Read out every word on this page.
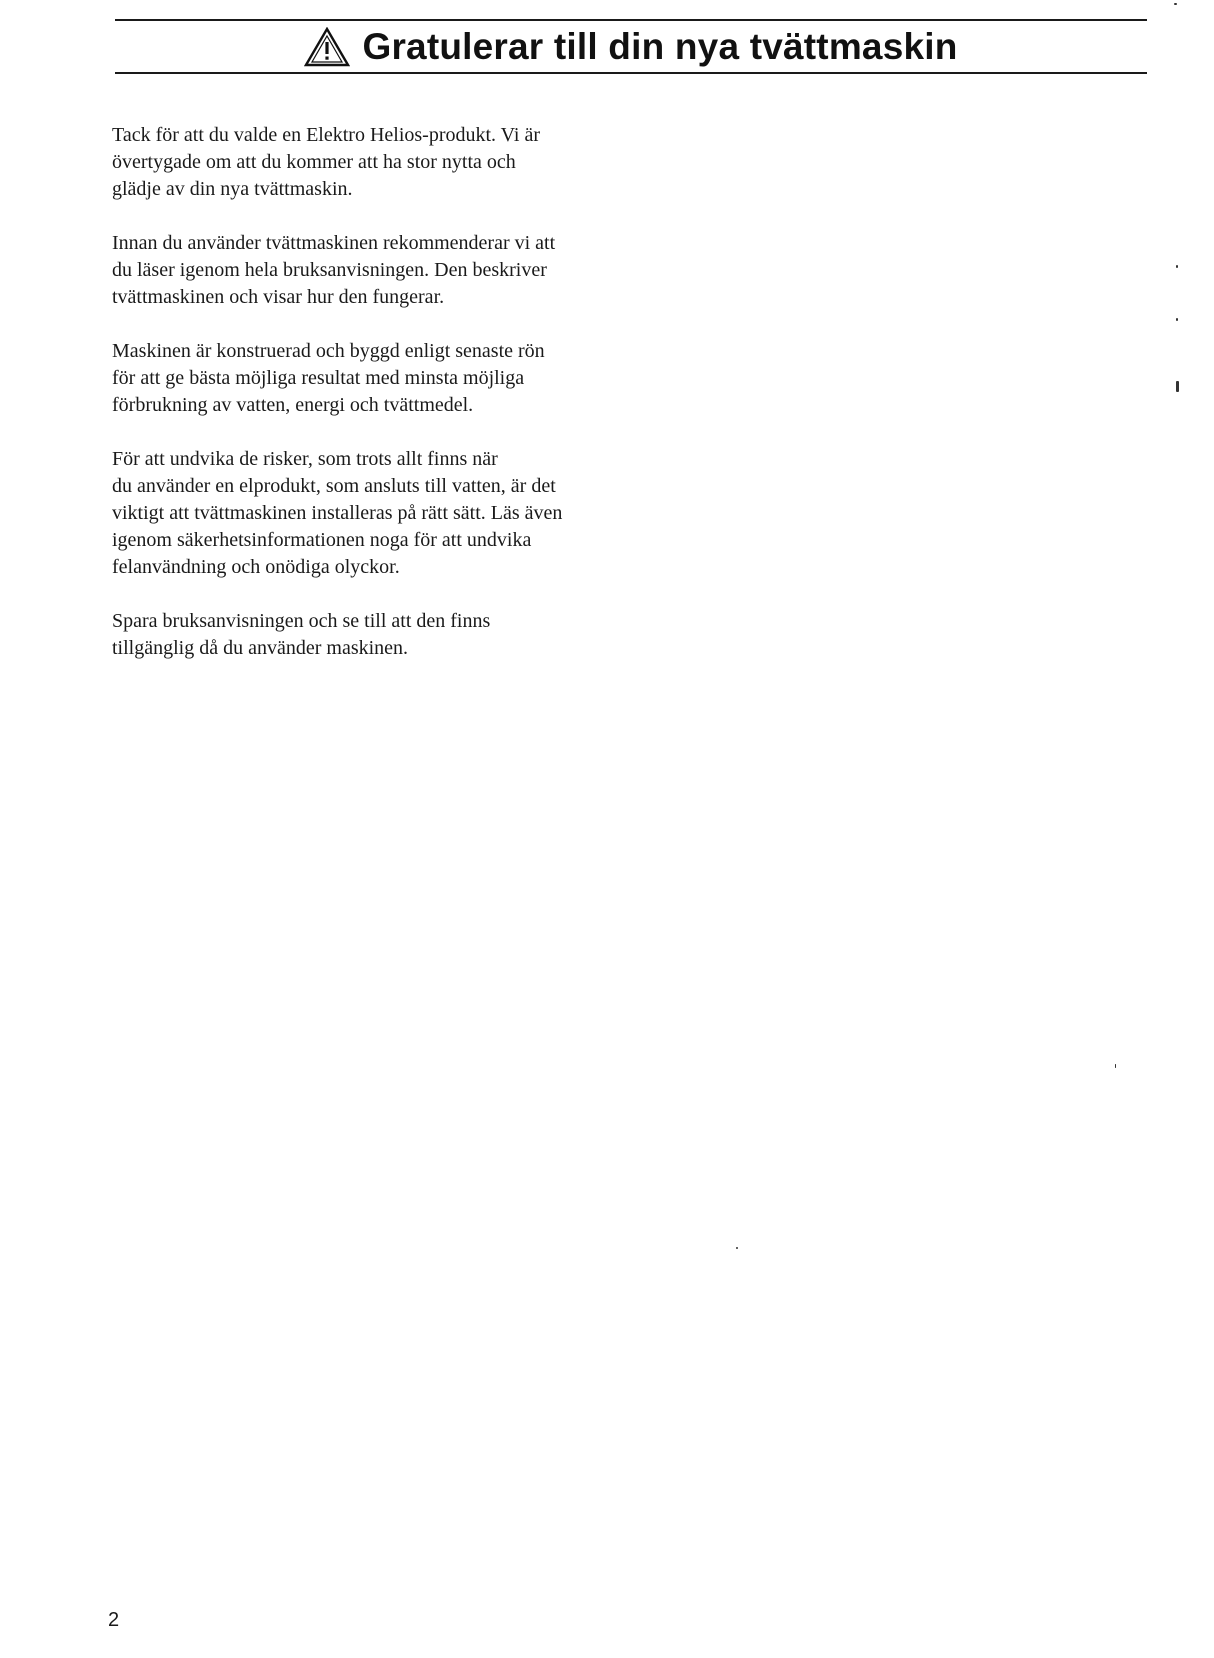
Gratulerar till din nya tvättmaskin

Tack för att du valde en Elektro Helios-produkt. Vi är
övertygade om att du kommer att ha stor nytta och
glädje av din nya tvättmaskin.

Innan du använder tvättmaskinen rekommenderar vi att
du läser igenom hela bruksanvisningen. Den beskriver
tvättmaskinen och visar hur den fungerar.

Maskinen är konstruerad och byggd enligt senaste rön
för att ge bästa möjliga resultat med minsta möjliga
förbrukning av vatten, energi och tvättmedel.

För att undvika de risker, som trots allt finns när
du använder en elprodukt, som ansluts till vatten, är det
viktigt att tvättmaskinen installeras på rätt sätt. Läs även
igenom säkerhetsinformationen noga för att undvika
felanvändning och onödiga olyckor.

Spara bruksanvisningen och se till att den finns
tillgänglig då du använder maskinen.

2
